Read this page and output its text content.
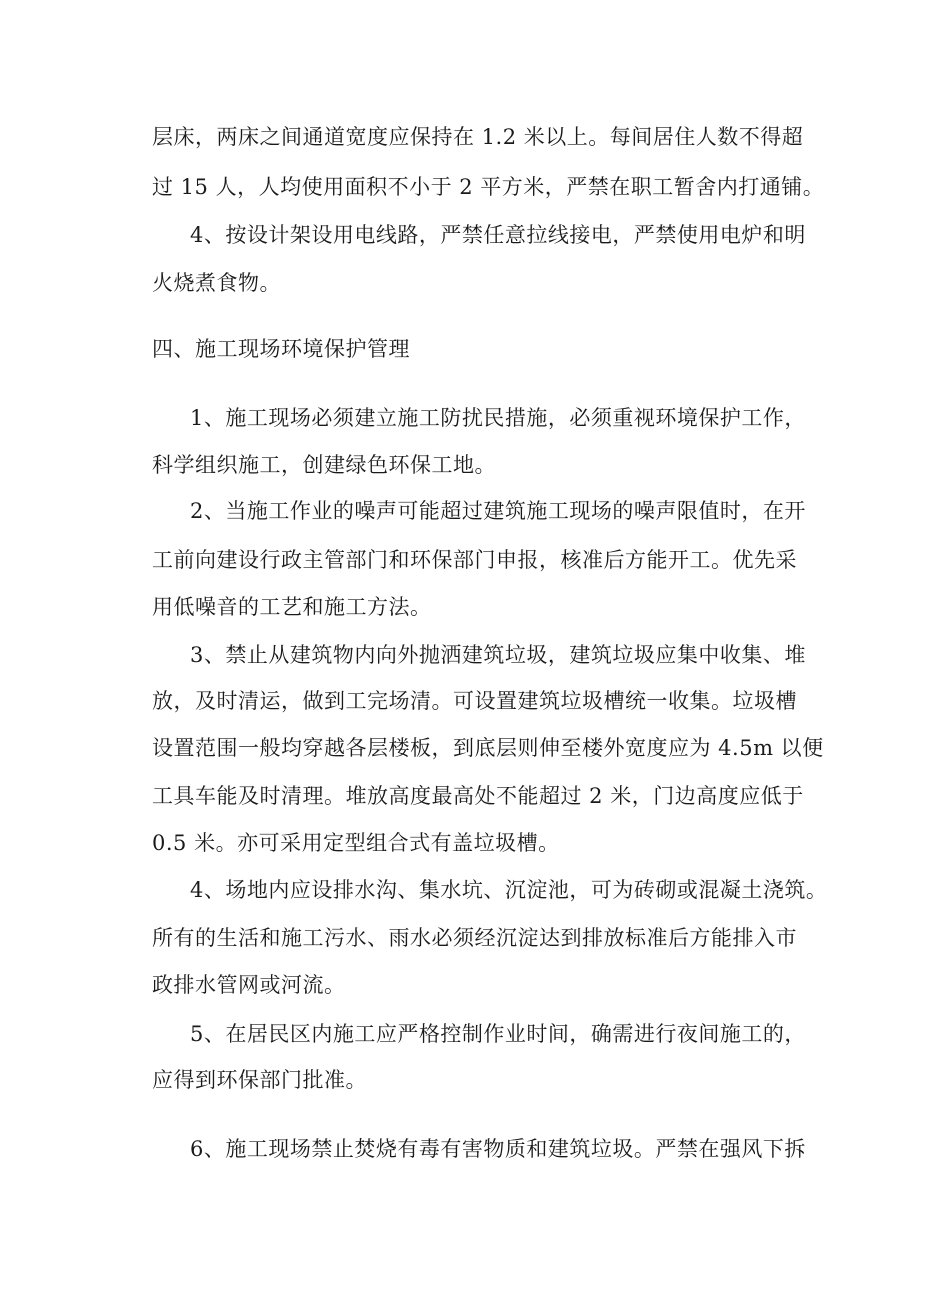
层床，两床之间通道宽度应保持在 1.2 米以上。每间居住人数不得超

过 15 人，人均使用面积不小于 2 平方米，严禁在职工暂舍内打通铺。

4、按设计架设用电线路，严禁任意拉线接电，严禁使用电炉和明

火烧煮食物。

四、施工现场环境保护管理

1、施工现场必须建立施工防扰民措施，必须重视环境保护工作，

科学组织施工，创建绿色环保工地。

2、当施工作业的噪声可能超过建筑施工现场的噪声限值时，在开

工前向建设行政主管部门和环保部门申报，核准后方能开工。优先采

用低噪音的工艺和施工方法。

3、禁止从建筑物内向外抛洒建筑垃圾，建筑垃圾应集中收集、堆

放，及时清运，做到工完场清。可设置建筑垃圾槽统一收集。垃圾槽

设置范围一般均穿越各层楼板，到底层则伸至楼外宽度应为 4.5m 以便

工具车能及时清理。堆放高度最高处不能超过 2 米，门边高度应低于

0.5 米。亦可采用定型组合式有盖垃圾槽。

4、场地内应设排水沟、集水坑、沉淀池，可为砖砌或混凝土浇筑。

所有的生活和施工污水、雨水必须经沉淀达到排放标准后方能排入市

政排水管网或河流。

5、在居民区内施工应严格控制作业时间，确需进行夜间施工的，

应得到环保部门批准。

6、施工现场禁止焚烧有毒有害物质和建筑垃圾。严禁在强风下拆
